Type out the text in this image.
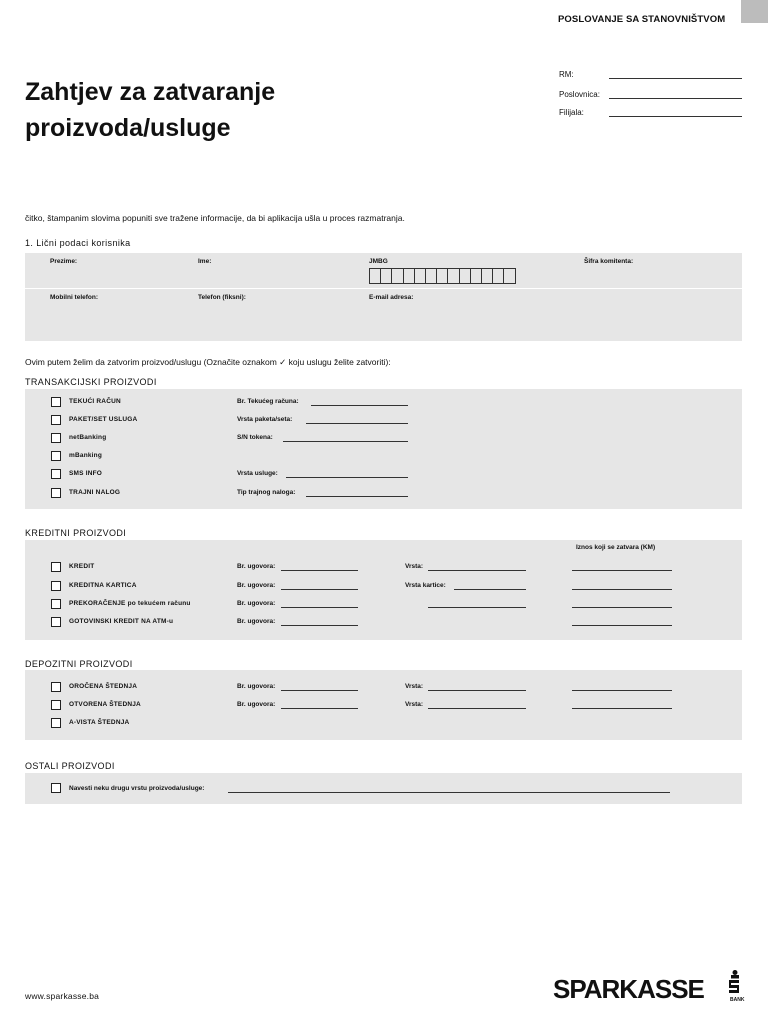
POSLOVANJE SA STANOVNIŠTVOM
Zahtjev za zatvaranje
proizvoda/usluge
RM:
Poslovnica:
Filijala:
čitko, štampanim slovima popuniti sve tražene informacije, da bi aplikacija ušla u proces razmatranja.
1. Lični podaci korisnika
Prezime:	Ime:	JMBG	Šifra komitenta:
Mobilni telefon:	Telefon (fiksni):	E-mail adresa:
Ovim putem želim da zatvorim proizvod/uslugu (Označite oznakom ✓ koju uslugu želite zatvoriti):
TRANSAKCIJSKI PROIZVODI
TEKUĆI RAČUN	Br. Tekućeg računa:
PAKET/SET USLUGA	Vrsta paketa/seta:
netBanking	S/N tokena:
mBanking
SMS INFO	Vrsta usluge:
TRAJNI NALOG	Tip trajnog naloga:
KREDITNI PROIZVODI
Iznos koji se zatvara (KM)
KREDIT	Br. ugovora:	Vrsta:
KREDITNA KARTICA	Br. ugovora:	Vrsta kartice:
PREKORAČENJE po tekućem računu	Br. ugovora:
GOTOVINSKI KREDIT NA ATM-u	Br. ugovora:
DEPOZITNI PROIZVODI
OROČENA ŠTEDNJA	Br. ugovora:	Vrsta:
OTVORENA ŠTEDNJA	Br. ugovora:	Vrsta:
A-VISTA ŠTEDNJA
OSTALI PROIZVODI
Navesti neku drugu vrstu proizvoda/usluge:
www.sparkasse.ba	SPARKASSE	BANK
